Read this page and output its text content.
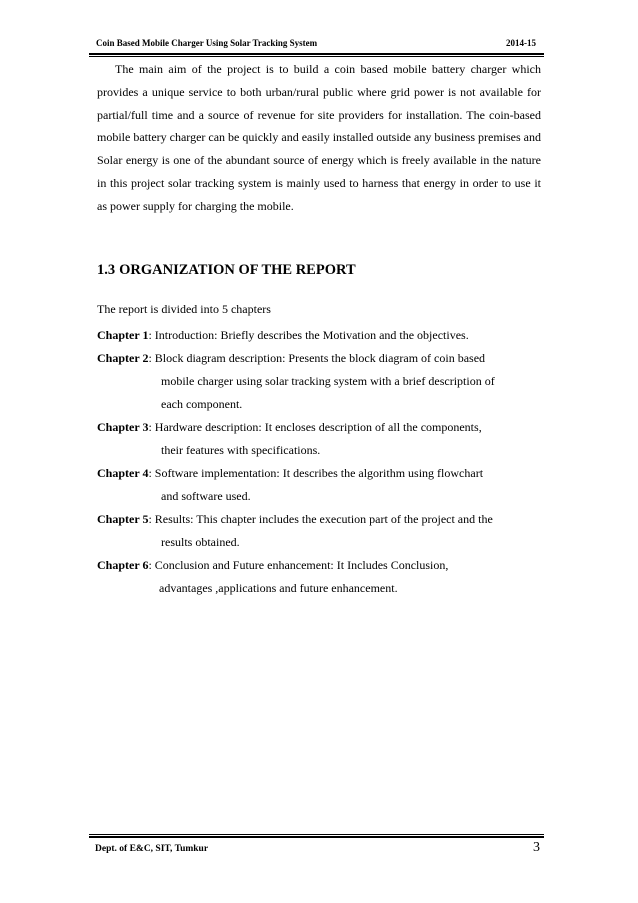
Coin Based Mobile Charger Using Solar Tracking System	2014-15

The main aim of the project is to build a coin based mobile battery charger which provides a unique service to both urban/rural public where grid power is not available for partial/full time and a source of revenue for site providers for installation. The coin-based mobile battery charger can be quickly and easily installed outside any business premises and Solar energy is one of the abundant source of energy which is freely available in the nature in this project solar tracking system is mainly used to harness that energy in order to use it as power supply for charging the mobile.

1.3 ORGANIZATION OF THE REPORT

The report is divided into 5 chapters

Chapter 1: Introduction: Briefly describes the Motivation and the objectives.
Chapter 2: Block diagram description: Presents the block diagram of coin based
mobile charger using solar tracking system with a brief description of
each component.
Chapter 3: Hardware description: It encloses description of all the components,
their features with specifications.
Chapter 4: Software implementation: It describes the algorithm using flowchart
and software used.
Chapter 5: Results: This chapter includes the execution part of the project and the
results obtained.
Chapter 6: Conclusion and Future enhancement: It Includes Conclusion,
advantages ,applications and future enhancement.
Dept. of E&C, SIT, Tumkur	3
